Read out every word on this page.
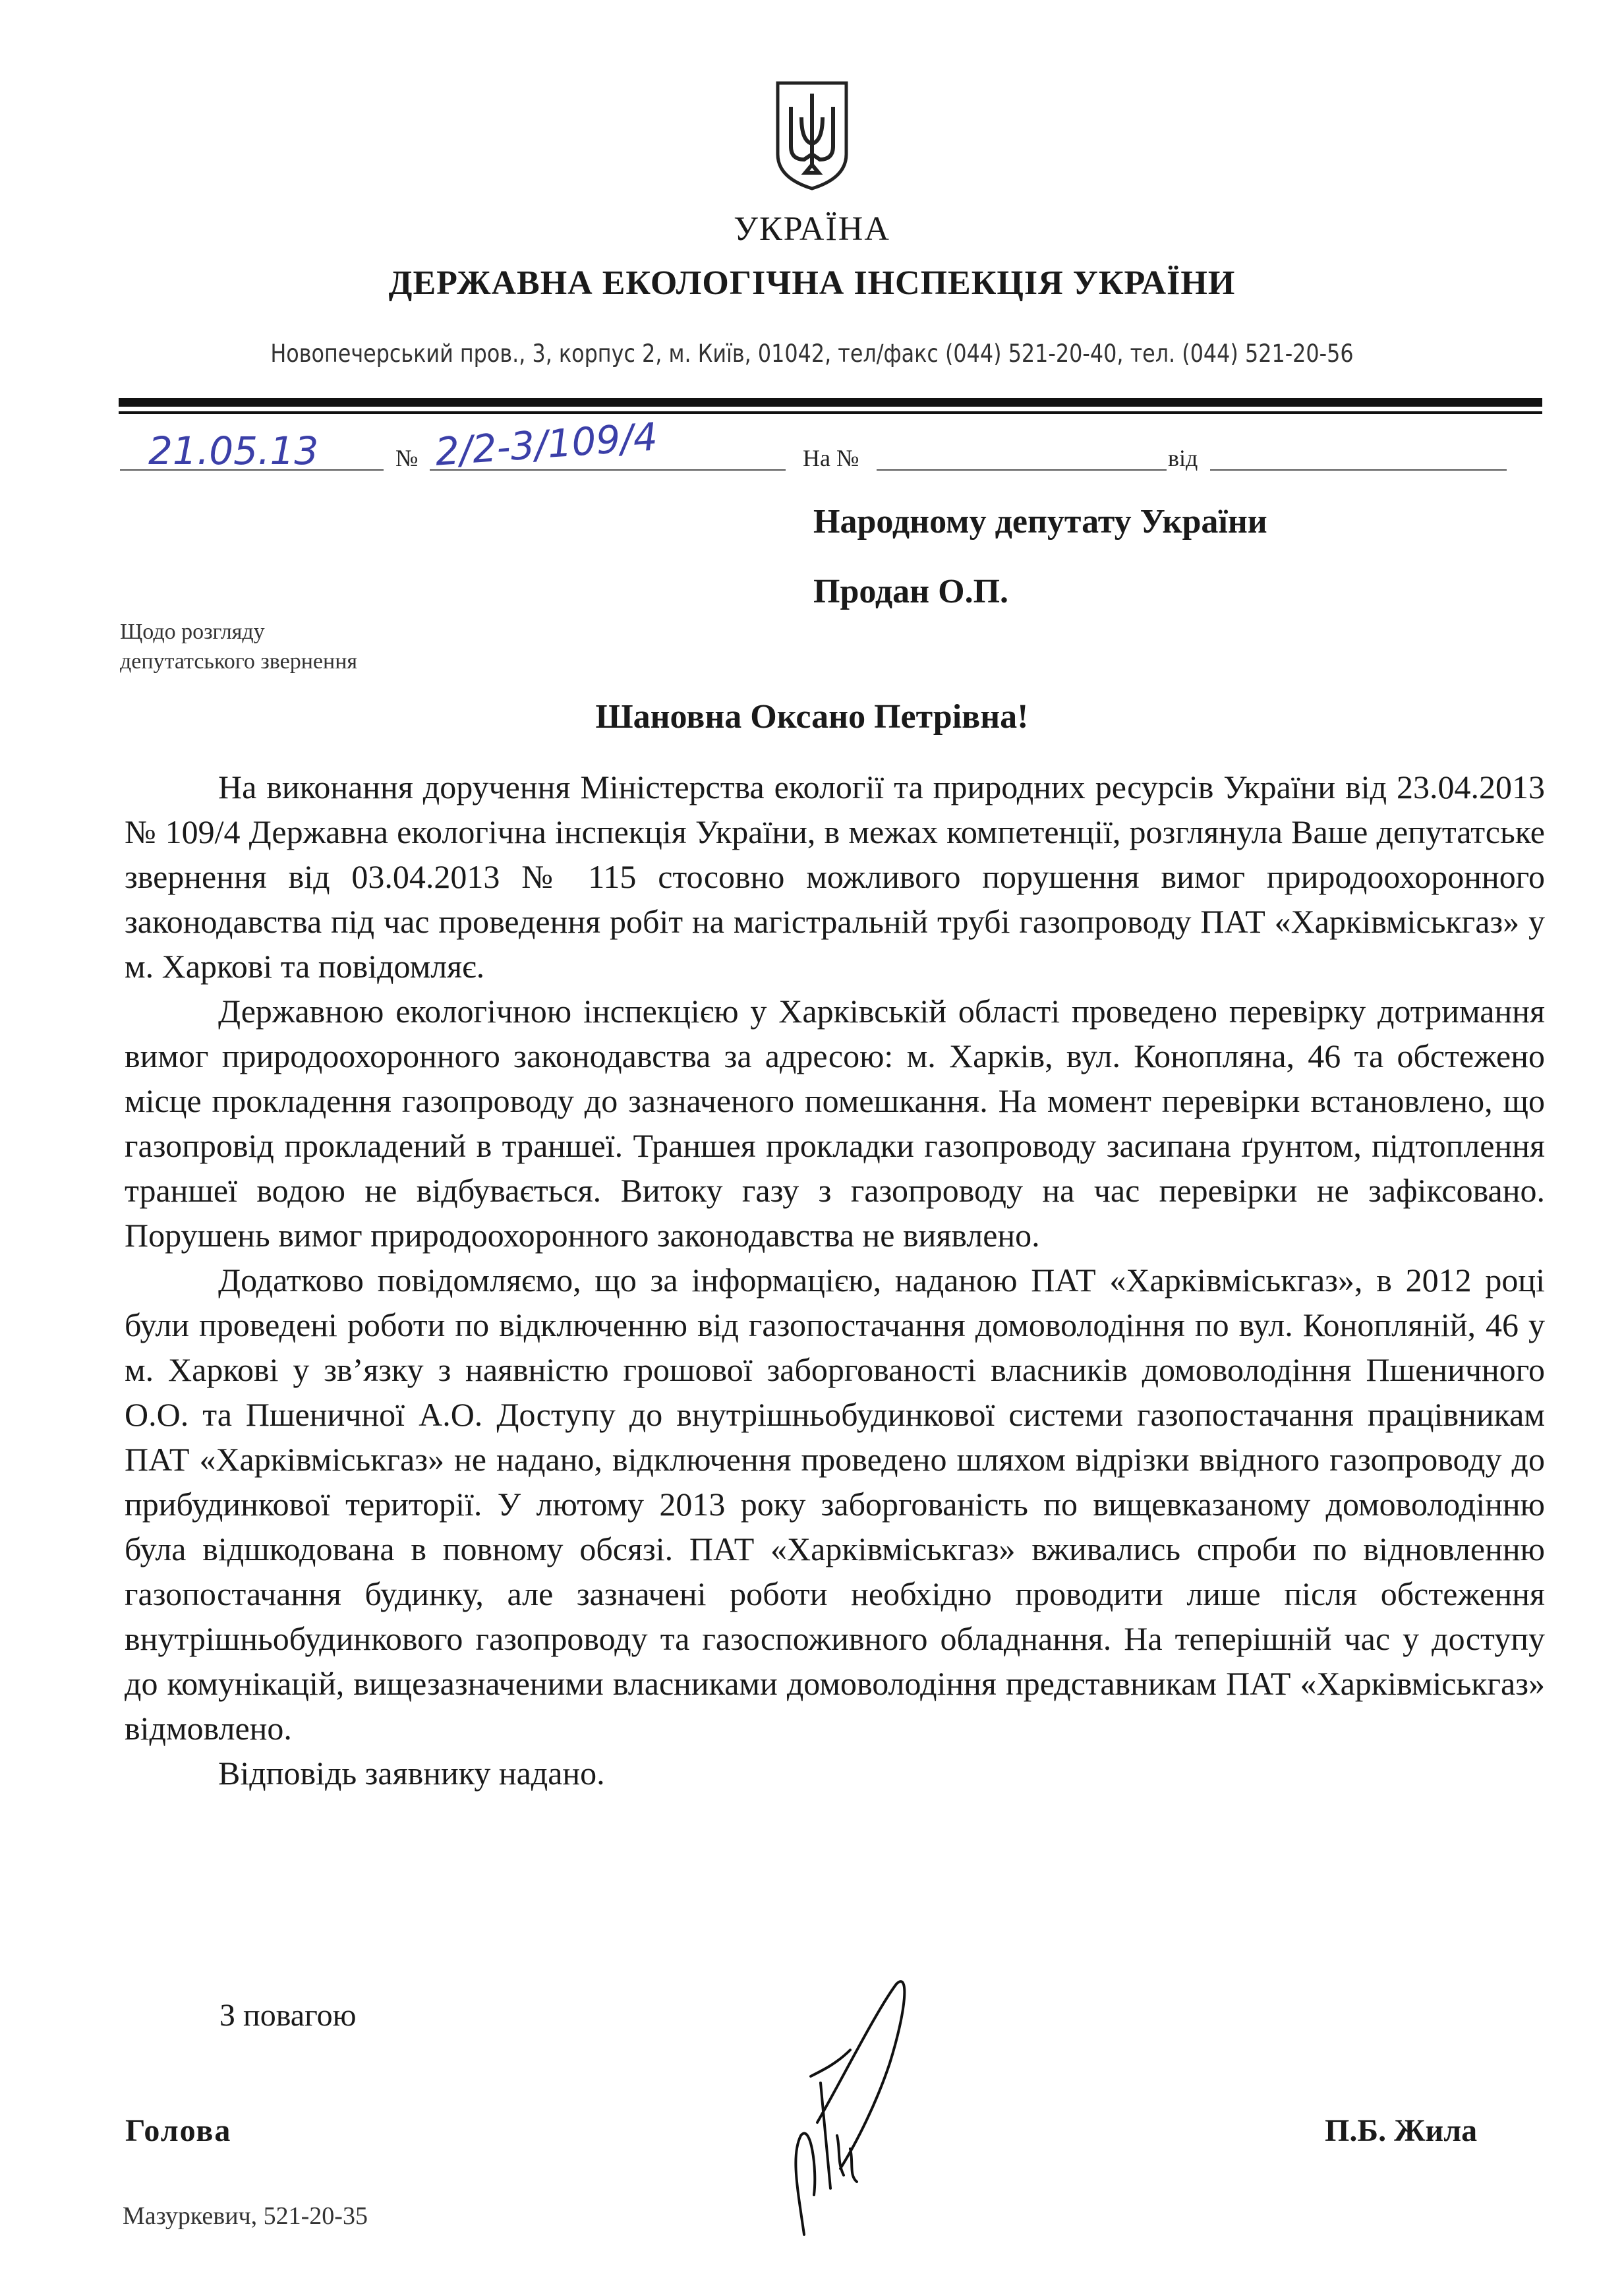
УКРАЇНА
ДЕРЖАВНА ЕКОЛОГІЧНА ІНСПЕКЦІЯ УКРАЇНИ
Новопечерський пров., 3, корпус 2, м. Київ, 01042, тел/факс (044) 521-20-40, тел. (044) 521-20-56
21.05.13	№ 2/2-3/109/4	На №	від
Народному депутату України
Продан О.П.
Щодо розгляду
депутатського звернення
Шановна Оксано Петрівна!

На виконання доручення Міністерства екології та природних ресурсів України від 23.04.2013 № 109/4 Державна екологічна інспекція України, в межах компетенції, розглянула Ваше депутатське звернення від 03.04.2013 № 115 стосовно можливого порушення вимог природоохоронного законодавства під час проведення робіт на магістральній трубі газопроводу ПАТ «Харківміськгаз» у м. Харкові та повідомляє.

Державною екологічною інспекцією у Харківській області проведено перевірку дотримання вимог природоохоронного законодавства за адресою: м. Харків, вул. Конопляна, 46 та обстежено місце прокладення газопроводу до зазначеного помешкання. На момент перевірки встановлено, що газопровід прокладений в траншеї. Траншея прокладки газопроводу засипана ґрунтом, підтоплення траншеї водою не відбувається. Витоку газу з газопроводу на час перевірки не зафіксовано. Порушень вимог природоохоронного законодавства не виявлено.

Додатково повідомляємо, що за інформацією, наданою ПАТ «Харківміськгаз», в 2012 році були проведені роботи по відключенню від газопостачання домоволодіння по вул. Коноплянiй, 46 у м. Харкові у зв’язку з наявністю грошової заборгованості власників домоволодіння Пшеничного О.О. та Пшеничної А.О. Доступу до внутрішньобудинкової системи газопостачання працівникам ПАТ «Харківміськгаз» не надано, відключення проведено шляхом відрізки ввідного газопроводу до прибудинкової території. У лютому 2013 року заборгованість по вищевказаному домоволодінню була відшкодована в повному обсязі. ПАТ «Харківміськгаз» вживались спроби по відновленню газопостачання будинку, але зазначені роботи необхідно проводити лише після обстеження внутрішньобудинкового газопроводу та газоспоживного обладнання. На теперішній час у доступу до комунікацій, вищезазначеними власниками домоволодіння представникам ПАТ «Харківміськгаз» відмовлено.

Відповідь заявнику надано.

З повагою
Голова	П.Б. Жила
Мазуркевич, 521-20-35
